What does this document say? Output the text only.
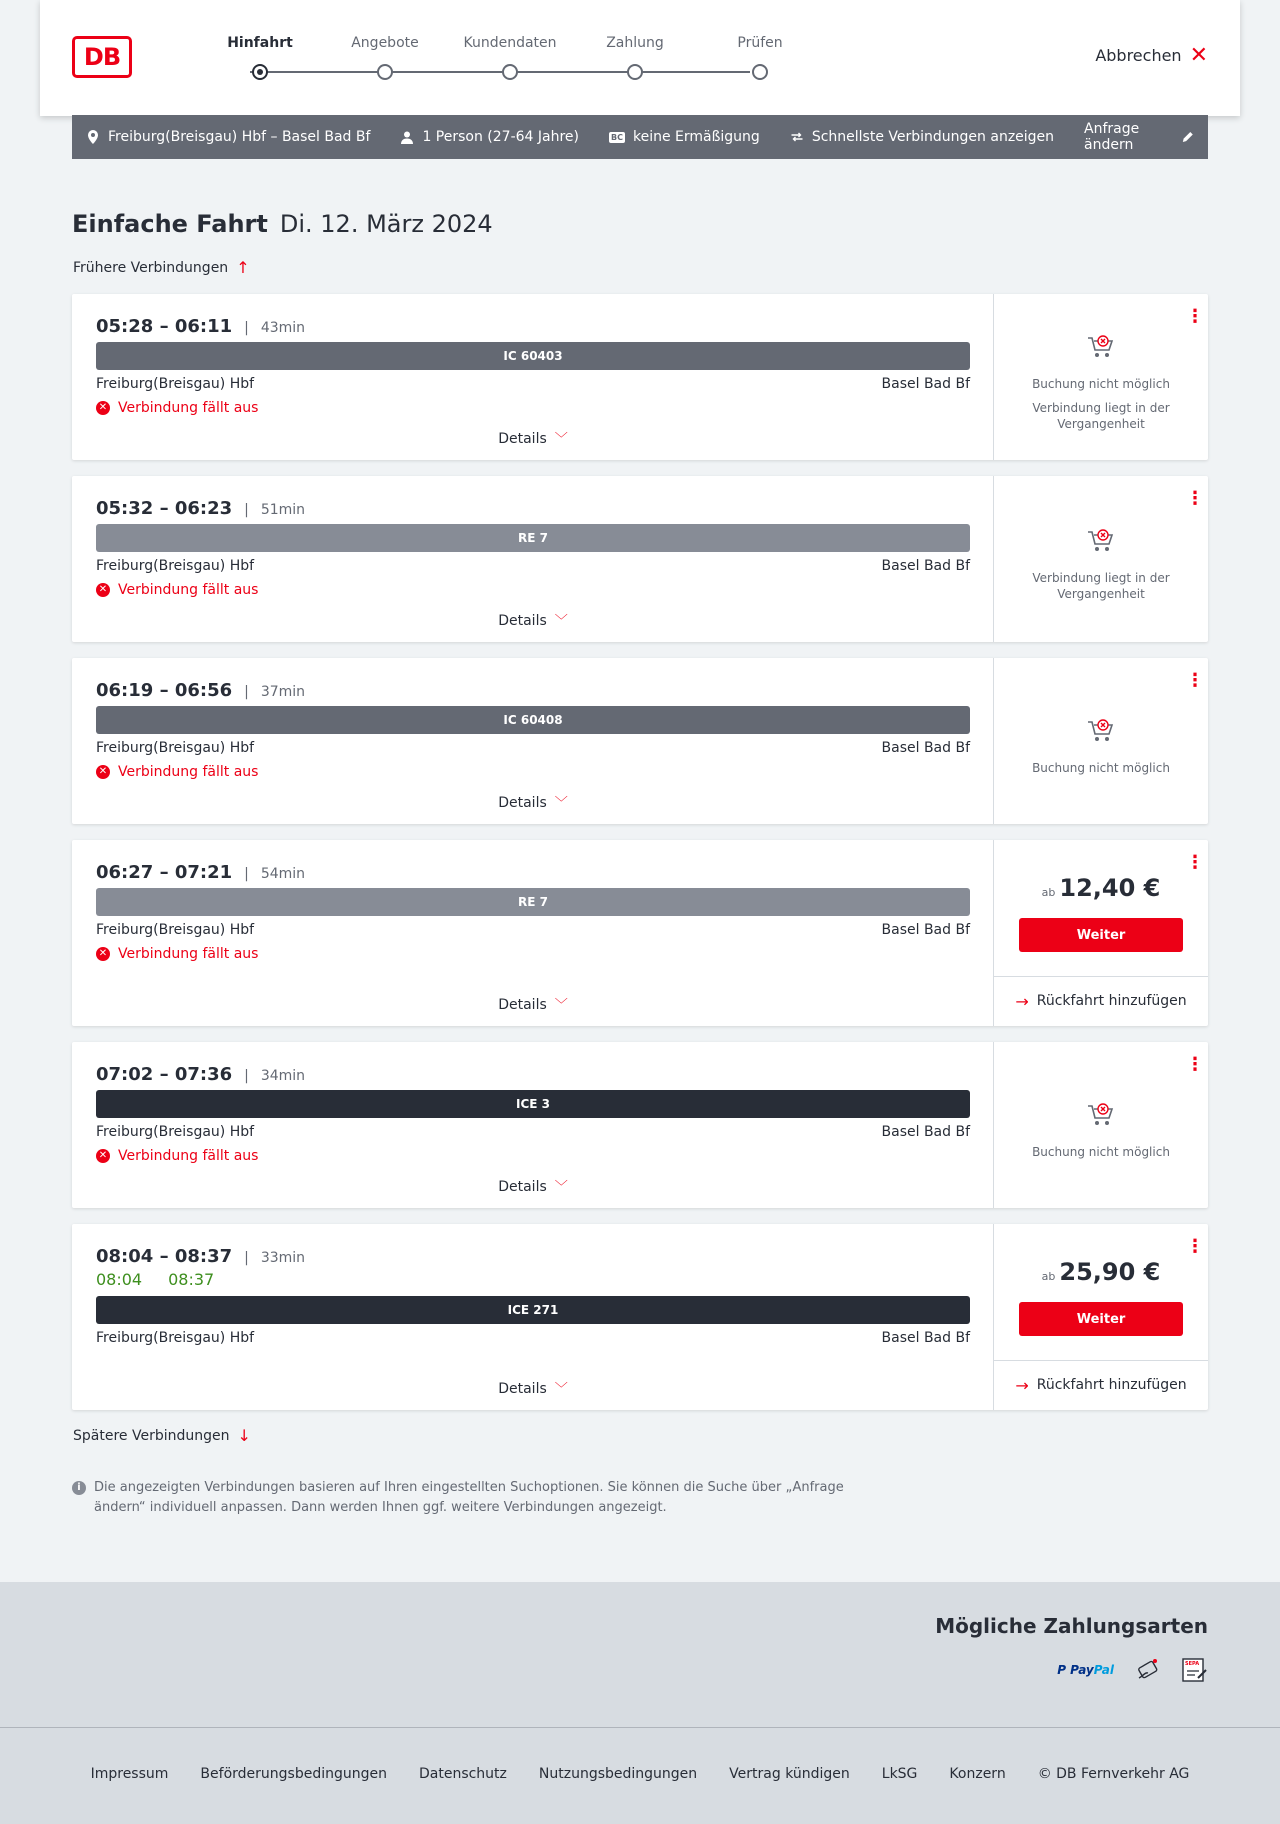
DB	Hinfahrt	Angebote	Kundendaten	Zahlung	Prüfen
Abbrechen ✕
Freiburg(Breisgau) Hbf – Basel Bad Bf	1 Person (27-64 Jahre)	BC keine Ermäßigung	Schnellste Verbindungen anzeigen Anfrage ändern
Einfache Fahrt Di. 12. März 2024
Frühere Verbindungen ↑
05:28 – 06:11 | 43min
IC 60403
Freiburg(Breisgau) Hbf	Basel Bad Bf
✕ Verbindung fällt aus
Details ﹀
⋮
Buchung nicht möglich
Verbindung liegt in der Vergangenheit
05:32 – 06:23 | 51min
RE 7
Freiburg(Breisgau) Hbf	Basel Bad Bf
✕ Verbindung fällt aus
Details ﹀
⋮
Verbindung liegt in der Vergangenheit
06:19 – 06:56 | 37min
IC 60408
Freiburg(Breisgau) Hbf	Basel Bad Bf
✕ Verbindung fällt aus
Details ﹀
⋮
Buchung nicht möglich
06:27 – 07:21 | 54min
RE 7
Freiburg(Breisgau) Hbf	Basel Bad Bf
✕ Verbindung fällt aus
Details ﹀
⋮
ab 12,40 €
Weiter
→ Rückfahrt hinzufügen
07:02 – 07:36 | 34min
ICE 3
Freiburg(Breisgau) Hbf	Basel Bad Bf
✕ Verbindung fällt aus
Details ﹀
⋮
Buchung nicht möglich
08:04 – 08:37 | 33min
08:04 08:37
ICE 271
Freiburg(Breisgau) Hbf	Basel Bad Bf
Details ﹀
⋮
ab 25,90 €
Weiter
→ Rückfahrt hinzufügen
Spätere Verbindungen ↓
i	Die angezeigten Verbindungen basieren auf Ihren eingestellten Suchoptionen. Sie können die Suche über „Anfrage ändern“ individuell anpassen. Dann werden Ihnen ggf. weitere Verbindungen angezeigt.
Mögliche Zahlungsarten
P PayPal	SEPA
Impressum Beförderungsbedingungen Datenschutz Nutzungsbedingungen Vertrag kündigen LkSG Konzern © DB Fernverkehr AG
